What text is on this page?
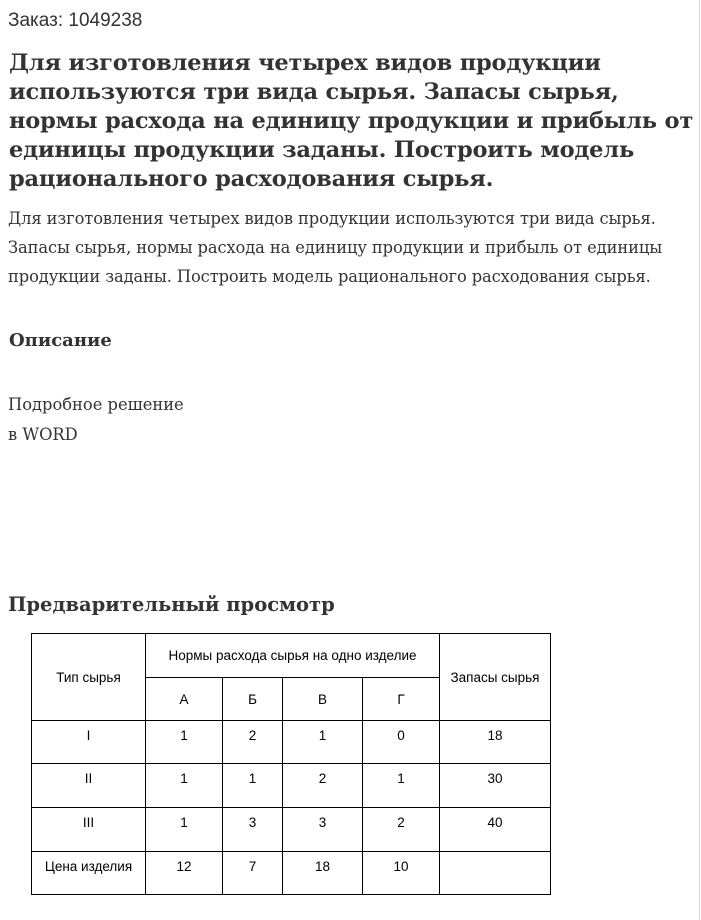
Заказ: 1049238
Для изготовления четырех видов продукции используются три вида сырья. Запасы сырья, нормы расхода на единицу продукции и прибыль от единицы продукции заданы. Построить модель рационального расходования сырья.

Для изготовления четырех видов продукции используются три вида сырья. Запасы сырья, нормы расхода на единицу продукции и прибыль от единицы продукции заданы. Построить модель рационального расходования сырья.

Описание

Подробное решение

в WORD

Предварительный просмотр
Тип сырья	Нормы расхода сырья на одно изделие				Запасы сырья
	А	Б	В	Г	
I	1	2	1	0	18
II	1	1	2	1	30
III	1	3	3	2	40
Цена изделия	12	7	18	10	
